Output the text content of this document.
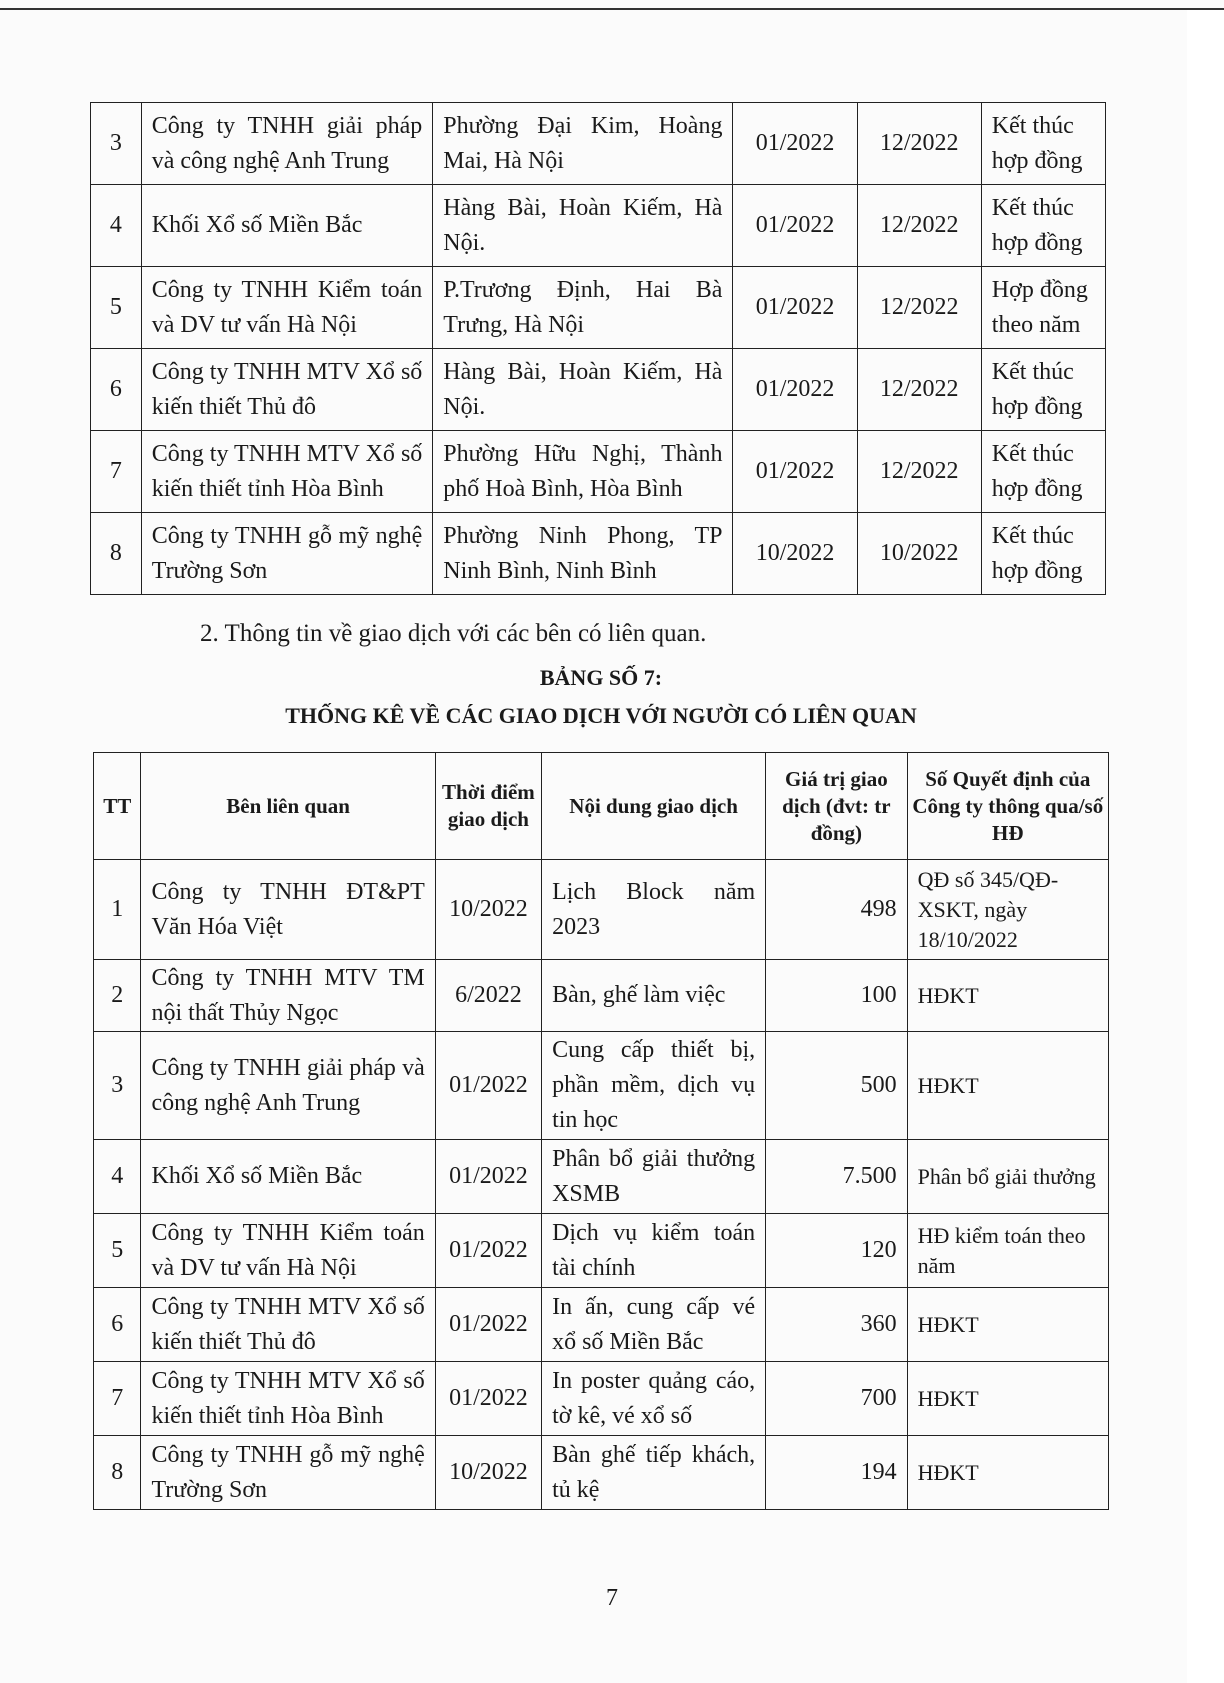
3	Công ty TNHH giải pháp và công nghệ Anh Trung	Phường Đại Kim, Hoàng Mai, Hà Nội	01/2022	12/2022	Kết thúc hợp đồng
4	Khối Xổ số Miền Bắc	Hàng Bài, Hoàn Kiếm, Hà Nội.	01/2022	12/2022	Kết thúc hợp đồng
5	Công ty TNHH Kiểm toán và DV tư vấn Hà Nội	P.Trương Định, Hai Bà Trưng, Hà Nội	01/2022	12/2022	Hợp đồng theo năm
6	Công ty TNHH MTV Xổ số kiến thiết Thủ đô	Hàng Bài, Hoàn Kiếm, Hà Nội.	01/2022	12/2022	Kết thúc hợp đồng
7	Công ty TNHH MTV Xổ số kiến thiết tỉnh Hòa Bình	Phường Hữu Nghị, Thành phố Hoà Bình, Hòa Bình	01/2022	12/2022	Kết thúc hợp đồng
8	Công ty TNHH gỗ mỹ nghệ Trường Sơn	Phường Ninh Phong, TP Ninh Bình, Ninh Bình	10/2022	10/2022	Kết thúc hợp đồng
2. Thông tin về giao dịch với các bên có liên quan.
BẢNG SỐ 7:
THỐNG KÊ VỀ CÁC GIAO DỊCH VỚI NGƯỜI CÓ LIÊN QUAN
TT	Bên liên quan	Thời điểm giao dịch	Nội dung giao dịch	Giá trị giao dịch (đvt: tr đồng)	Số Quyết định của Công ty thông qua/số HĐ
1	Công ty TNHH ĐT&PT Văn Hóa Việt	10/2022	Lịch Block năm 2023	498	QĐ số 345/QĐ-XSKT, ngày 18/10/2022
2	Công ty TNHH MTV TM nội thất Thủy Ngọc	6/2022	Bàn, ghế làm việc	100	HĐKT
3	Công ty TNHH giải pháp và công nghệ Anh Trung	01/2022	Cung cấp thiết bị, phần mềm, dịch vụ tin học	500	HĐKT
4	Khối Xổ số Miền Bắc	01/2022	Phân bổ giải thưởng XSMB	7.500	Phân bổ giải thưởng
5	Công ty TNHH Kiểm toán và DV tư vấn Hà Nội	01/2022	Dịch vụ kiểm toán tài chính	120	HĐ kiểm toán theo năm
6	Công ty TNHH MTV Xổ số kiến thiết Thủ đô	01/2022	In ấn, cung cấp vé xổ số Miền Bắc	360	HĐKT
7	Công ty TNHH MTV Xổ số kiến thiết tỉnh Hòa Bình	01/2022	In poster quảng cáo, tờ kê, vé xổ số	700	HĐKT
8	Công ty TNHH gỗ mỹ nghệ Trường Sơn	10/2022	Bàn ghế tiếp khách, tủ kệ	194	HĐKT
7
